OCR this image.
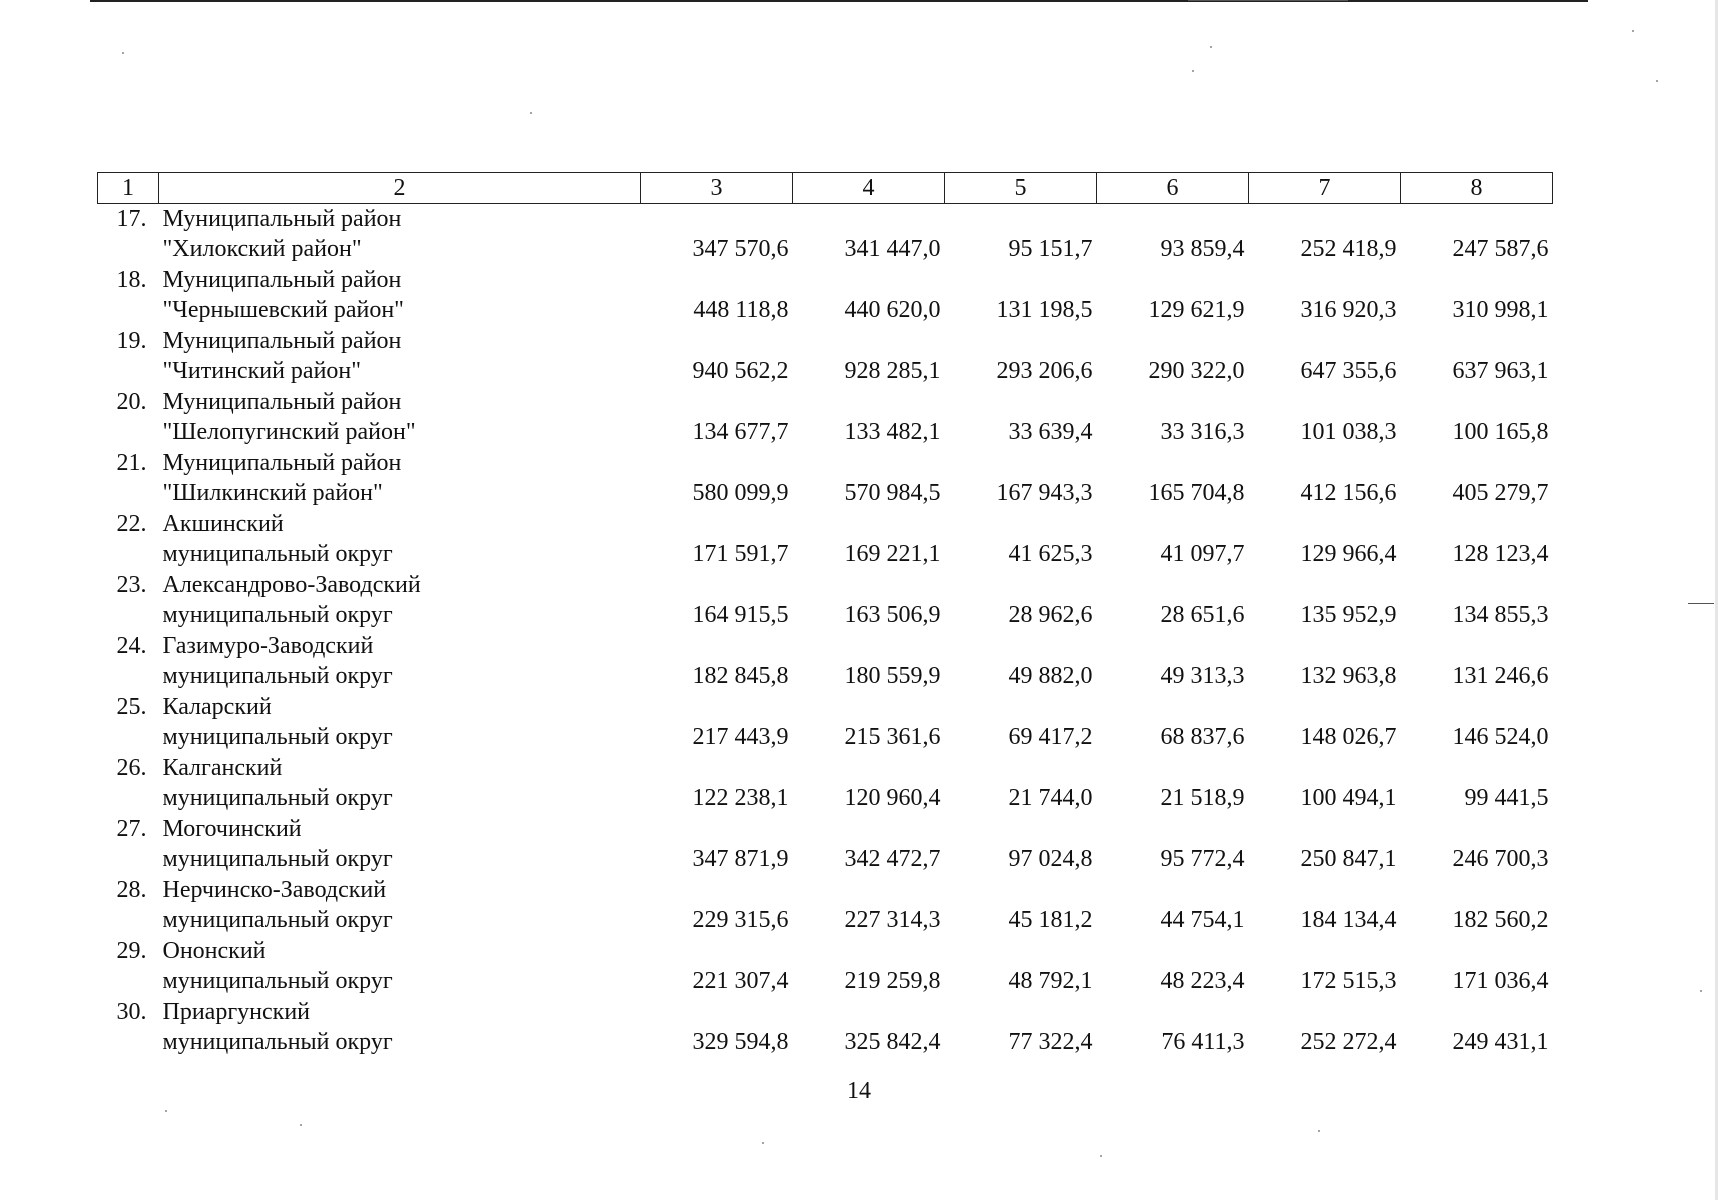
1	2	3	4	5	6	7	8
17.	Муниципальный район						
	"Хилокский район"	347 570,6	341 447,0	95 151,7	93 859,4	252 418,9	247 587,6
18.	Муниципальный район						
	"Чернышевский район"	448 118,8	440 620,0	131 198,5	129 621,9	316 920,3	310 998,1
19.	Муниципальный район						
	"Читинский район"	940 562,2	928 285,1	293 206,6	290 322,0	647 355,6	637 963,1
20.	Муниципальный район						
	"Шелопугинский район"	134 677,7	133 482,1	33 639,4	33 316,3	101 038,3	100 165,8
21.	Муниципальный район						
	"Шилкинский район"	580 099,9	570 984,5	167 943,3	165 704,8	412 156,6	405 279,7
22.	Акшинский						
	муниципальный округ	171 591,7	169 221,1	41 625,3	41 097,7	129 966,4	128 123,4
23.	Александрово-Заводский						
	муниципальный округ	164 915,5	163 506,9	28 962,6	28 651,6	135 952,9	134 855,3
24.	Газимуро-Заводский						
	муниципальный округ	182 845,8	180 559,9	49 882,0	49 313,3	132 963,8	131 246,6
25.	Каларский						
	муниципальный округ	217 443,9	215 361,6	69 417,2	68 837,6	148 026,7	146 524,0
26.	Калганский						
	муниципальный округ	122 238,1	120 960,4	21 744,0	21 518,9	100 494,1	99 441,5
27.	Могочинский						
	муниципальный округ	347 871,9	342 472,7	97 024,8	95 772,4	250 847,1	246 700,3
28.	Нерчинско-Заводский						
	муниципальный округ	229 315,6	227 314,3	45 181,2	44 754,1	184 134,4	182 560,2
29.	Ононский						
	муниципальный округ	221 307,4	219 259,8	48 792,1	48 223,4	172 515,3	171 036,4
30.	Приаргунский						
	муниципальный округ	329 594,8	325 842,4	77 322,4	76 411,3	252 272,4	249 431,1
14
